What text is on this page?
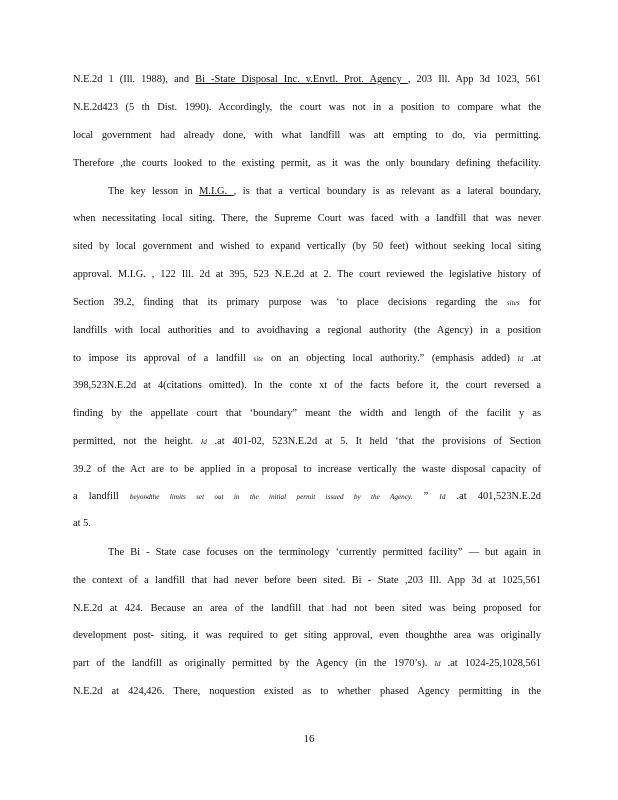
N.E.2d 1 (Ill. 1988), and Bi -State Disposal Inc. v.Envtl. Prot. Agency , 203 Ill. App 3d 1023, 561
N.E.2d423 (5 th Dist. 1990). Accordingly, the court was not in a position to compare what the
local government had already done, with what landfill was att empting to do, via permitting.
Therefore ,the courts looked to the existing permit, as it was the only boundary defining thefacility.
The key lesson in M.I.G. , is that a vertical boundary is as relevant as a lateral boundary,
when necessitating local siting. There, the Supreme Court was faced with a landfill that was never
sited by local government and wished to expand vertically (by 50 feet) without seeking local siting
approval. M.I.G. , 122 Ill. 2d at 395, 523 N.E.2d at 2. The court reviewed the legislative history of
Section 39.2, finding that its primary purpose was ‘to place decisions regarding the sites for
landfills with local authorities and to avoidhaving a regional authority (the Agency) in a position
to impose its approval of a landfill site on an objecting local authority.” (emphasis added) Id .at
398,523N.E.2d at 4(citations omitted). In the conte xt of the facts before it, the court reversed a
finding by the appellate court that ‘boundary” meant the width and length of the facilit y as
permitted, not the height. Id .at 401-02, 523N.E.2d at 5. It held ‘that the provisions of Section
39.2 of the Act are to be applied in a proposal to increase vertically the waste disposal capacity of
a landfill beyondthe limits set out in the initial permit issued by the Agency. ” Id .at 401,523N.E.2d
at 5.
The Bi - State case focuses on the terminology ‘currently permitted facility” — but again in
the context of a landfill that had never before been sited. Bi - State ,203 Ill. App 3d at 1025,561
N.E.2d at 424. Because an area of the landfill that had not been sited was being proposed for
development post- siting, it was required to get siting approval, even thoughthe area was originally
part of the landfill as originally permitted by the Agency (in the 1970’s). Id .at 1024-25,1028,561
N.E.2d at 424,426. There, noquestion existed as to whether phased Agency permitting in the
16
